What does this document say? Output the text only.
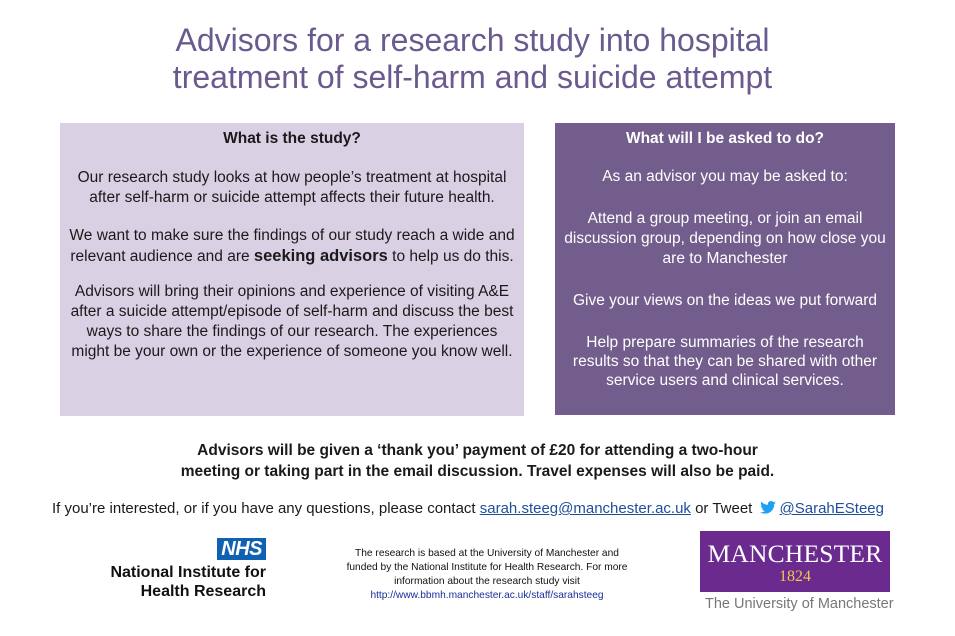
Advisors for a research study into hospital
treatment of self-harm and suicide attempt
What is the study?

Our research study looks at how people’s treatment at hospital after self-harm or suicide attempt affects their future health.

We want to make sure the findings of our study reach a wide and relevant audience and are seeking advisors to help us do this.

Advisors will bring their opinions and experience of visiting A&E after a suicide attempt/episode of self-harm and discuss the best ways to share the findings of our research. The experiences might be your own or the experience of someone you know well.

What will I be asked to do?

As an advisor you may be asked to:

Attend a group meeting, or join an email discussion group, depending on how close you are to Manchester

Give your views on the ideas we put forward

Help prepare summaries of the research results so that they can be shared with other service users and clinical services.

Advisors will be given a ‘thank you’ payment of £20 for attending a two-hour
meeting or taking part in the email discussion. Travel expenses will also be paid.
If you’re interested, or if you have any questions, please contact sarah.steeg@manchester.ac.uk or Tweet @SarahESteeg
NHS
National Institute for
Health Research
The research is based at the University of Manchester and
funded by the National Institute for Health Research. For more
information about the research study visit
http://www.bbmh.manchester.ac.uk/staff/sarahsteeg
MANCHESTER
1824
The University of Manchester
